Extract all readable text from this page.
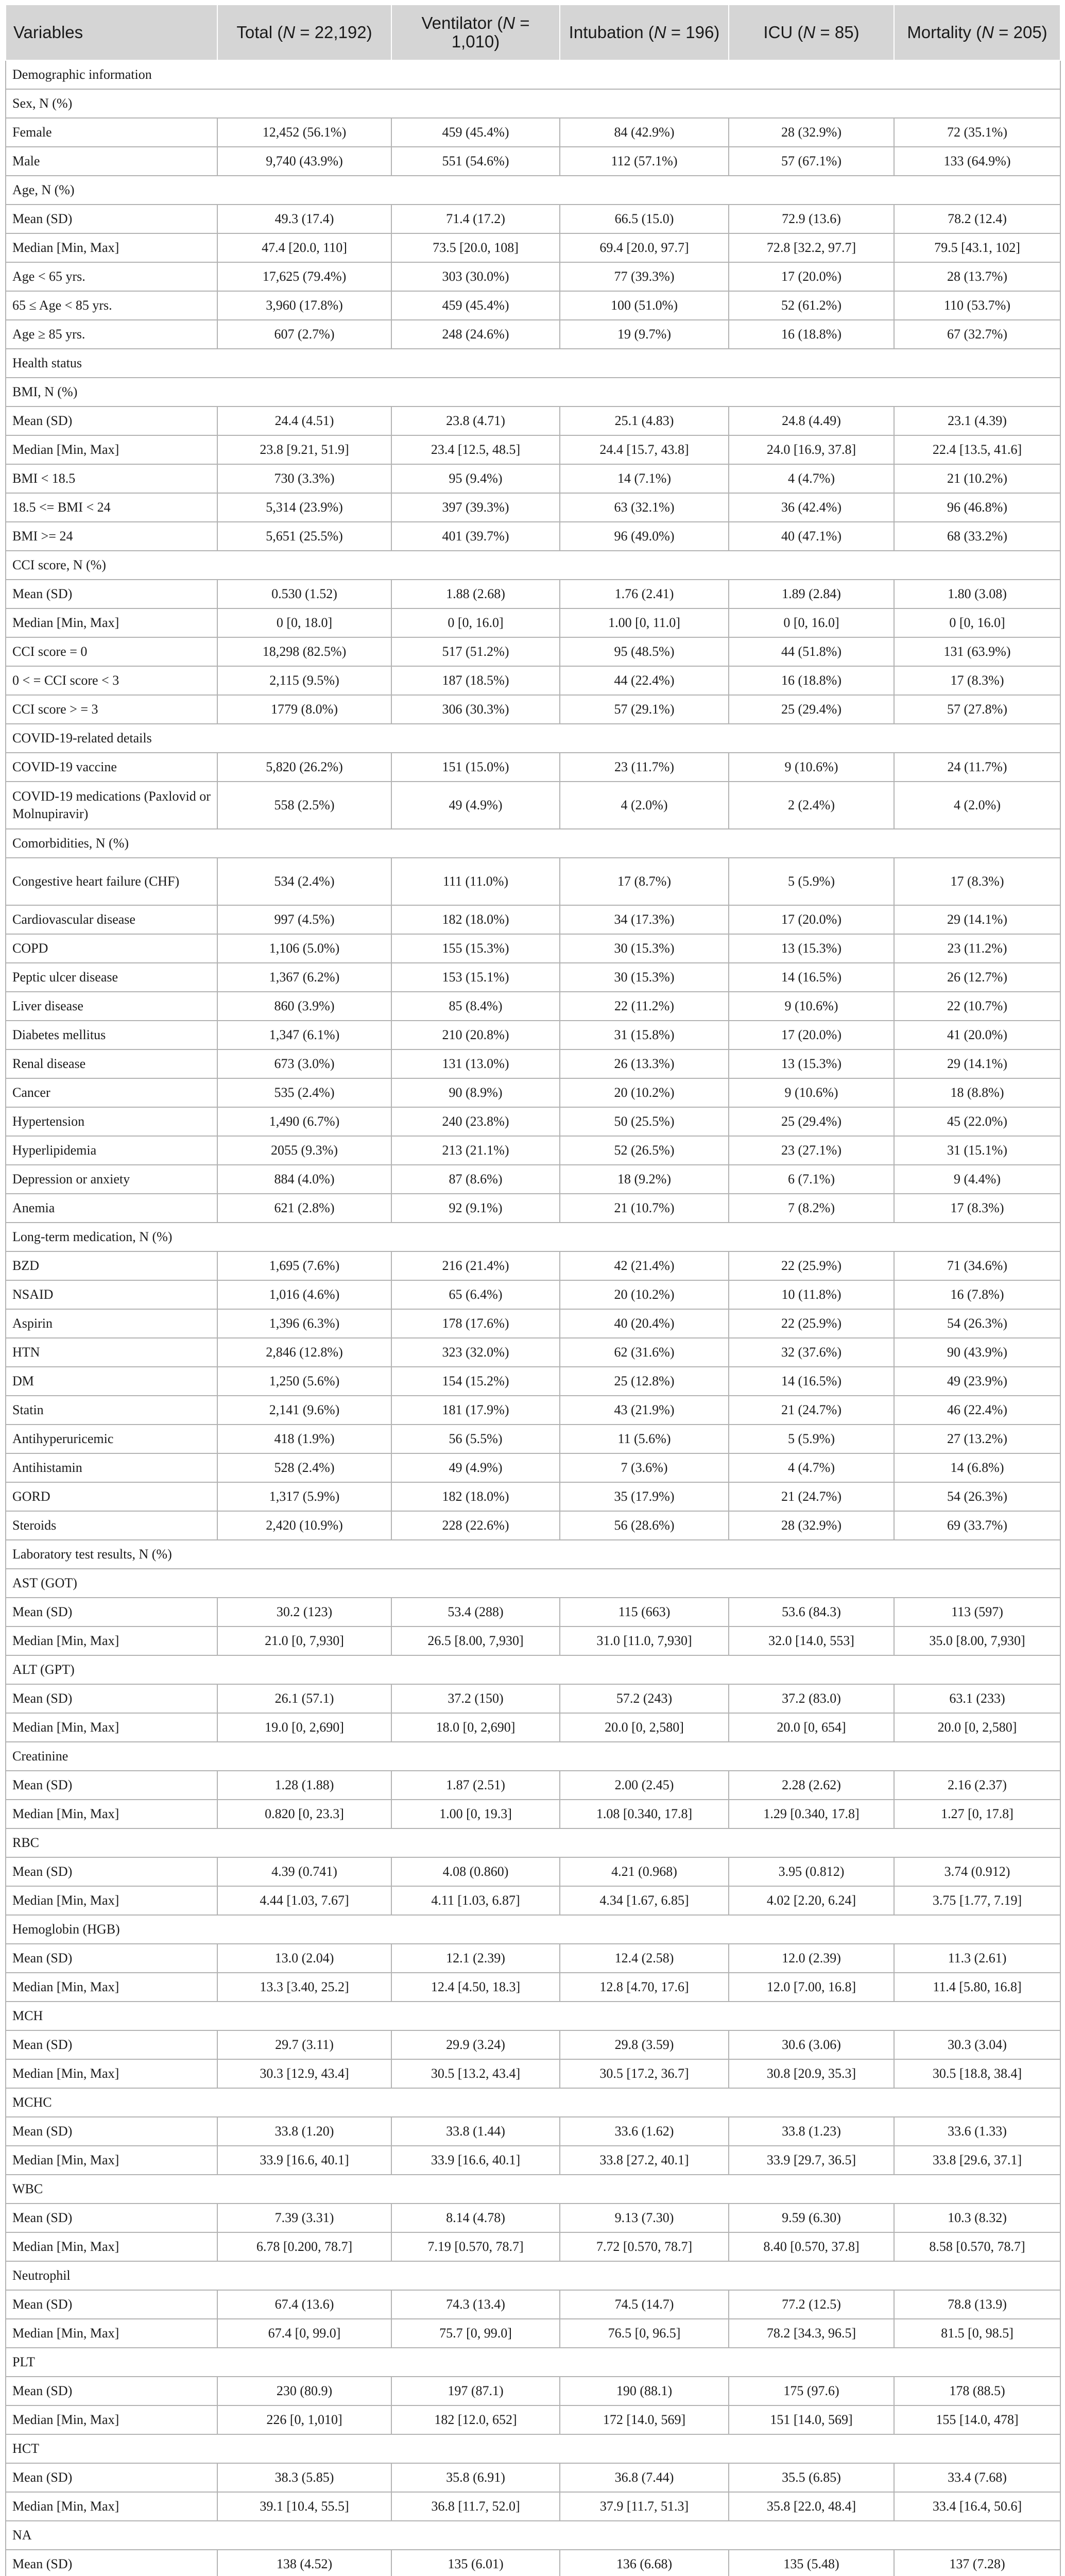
Variables	Total (N = 22,192)	Ventilator (N = 1,010)	Intubation (N = 196)	ICU (N = 85)	Mortality (N = 205)
Demographic information					
Sex, N (%)					
Female	12,452 (56.1%)	459 (45.4%)	84 (42.9%)	28 (32.9%)	72 (35.1%)
Male	9,740 (43.9%)	551 (54.6%)	112 (57.1%)	57 (67.1%)	133 (64.9%)
Age, N (%)					
Mean (SD)	49.3 (17.4)	71.4 (17.2)	66.5 (15.0)	72.9 (13.6)	78.2 (12.4)
Median [Min, Max]	47.4 [20.0, 110]	73.5 [20.0, 108]	69.4 [20.0, 97.7]	72.8 [32.2, 97.7]	79.5 [43.1, 102]
Age < 65 yrs.	17,625 (79.4%)	303 (30.0%)	77 (39.3%)	17 (20.0%)	28 (13.7%)
65 ≤ Age < 85 yrs.	3,960 (17.8%)	459 (45.4%)	100 (51.0%)	52 (61.2%)	110 (53.7%)
Age ≥ 85 yrs.	607 (2.7%)	248 (24.6%)	19 (9.7%)	16 (18.8%)	67 (32.7%)
Health status					
BMI, N (%)					
Mean (SD)	24.4 (4.51)	23.8 (4.71)	25.1 (4.83)	24.8 (4.49)	23.1 (4.39)
Median [Min, Max]	23.8 [9.21, 51.9]	23.4 [12.5, 48.5]	24.4 [15.7, 43.8]	24.0 [16.9, 37.8]	22.4 [13.5, 41.6]
BMI < 18.5	730 (3.3%)	95 (9.4%)	14 (7.1%)	4 (4.7%)	21 (10.2%)
18.5 <= BMI < 24	5,314 (23.9%)	397 (39.3%)	63 (32.1%)	36 (42.4%)	96 (46.8%)
BMI >= 24	5,651 (25.5%)	401 (39.7%)	96 (49.0%)	40 (47.1%)	68 (33.2%)
CCI score, N (%)					
Mean (SD)	0.530 (1.52)	1.88 (2.68)	1.76 (2.41)	1.89 (2.84)	1.80 (3.08)
Median [Min, Max]	0 [0, 18.0]	0 [0, 16.0]	1.00 [0, 11.0]	0 [0, 16.0]	0 [0, 16.0]
CCI score = 0	18,298 (82.5%)	517 (51.2%)	95 (48.5%)	44 (51.8%)	131 (63.9%)
0 < = CCI score < 3	2,115 (9.5%)	187 (18.5%)	44 (22.4%)	16 (18.8%)	17 (8.3%)
CCI score > = 3	1779 (8.0%)	306 (30.3%)	57 (29.1%)	25 (29.4%)	57 (27.8%)
COVID-19-related details					
COVID-19 vaccine	5,820 (26.2%)	151 (15.0%)	23 (11.7%)	9 (10.6%)	24 (11.7%)
COVID-19 medications (Paxlovid or Molnupiravir)	558 (2.5%)	49 (4.9%)	4 (2.0%)	2 (2.4%)	4 (2.0%)
Comorbidities, N (%)					
Congestive heart failure (CHF)	534 (2.4%)	111 (11.0%)	17 (8.7%)	5 (5.9%)	17 (8.3%)
Cardiovascular disease	997 (4.5%)	182 (18.0%)	34 (17.3%)	17 (20.0%)	29 (14.1%)
COPD	1,106 (5.0%)	155 (15.3%)	30 (15.3%)	13 (15.3%)	23 (11.2%)
Peptic ulcer disease	1,367 (6.2%)	153 (15.1%)	30 (15.3%)	14 (16.5%)	26 (12.7%)
Liver disease	860 (3.9%)	85 (8.4%)	22 (11.2%)	9 (10.6%)	22 (10.7%)
Diabetes mellitus	1,347 (6.1%)	210 (20.8%)	31 (15.8%)	17 (20.0%)	41 (20.0%)
Renal disease	673 (3.0%)	131 (13.0%)	26 (13.3%)	13 (15.3%)	29 (14.1%)
Cancer	535 (2.4%)	90 (8.9%)	20 (10.2%)	9 (10.6%)	18 (8.8%)
Hypertension	1,490 (6.7%)	240 (23.8%)	50 (25.5%)	25 (29.4%)	45 (22.0%)
Hyperlipidemia	2055 (9.3%)	213 (21.1%)	52 (26.5%)	23 (27.1%)	31 (15.1%)
Depression or anxiety	884 (4.0%)	87 (8.6%)	18 (9.2%)	6 (7.1%)	9 (4.4%)
Anemia	621 (2.8%)	92 (9.1%)	21 (10.7%)	7 (8.2%)	17 (8.3%)
Long-term medication, N (%)					
BZD	1,695 (7.6%)	216 (21.4%)	42 (21.4%)	22 (25.9%)	71 (34.6%)
NSAID	1,016 (4.6%)	65 (6.4%)	20 (10.2%)	10 (11.8%)	16 (7.8%)
Aspirin	1,396 (6.3%)	178 (17.6%)	40 (20.4%)	22 (25.9%)	54 (26.3%)
HTN	2,846 (12.8%)	323 (32.0%)	62 (31.6%)	32 (37.6%)	90 (43.9%)
DM	1,250 (5.6%)	154 (15.2%)	25 (12.8%)	14 (16.5%)	49 (23.9%)
Statin	2,141 (9.6%)	181 (17.9%)	43 (21.9%)	21 (24.7%)	46 (22.4%)
Antihyperuricemic	418 (1.9%)	56 (5.5%)	11 (5.6%)	5 (5.9%)	27 (13.2%)
Antihistamin	528 (2.4%)	49 (4.9%)	7 (3.6%)	4 (4.7%)	14 (6.8%)
GORD	1,317 (5.9%)	182 (18.0%)	35 (17.9%)	21 (24.7%)	54 (26.3%)
Steroids	2,420 (10.9%)	228 (22.6%)	56 (28.6%)	28 (32.9%)	69 (33.7%)
Laboratory test results, N (%)					
AST (GOT)					
Mean (SD)	30.2 (123)	53.4 (288)	115 (663)	53.6 (84.3)	113 (597)
Median [Min, Max]	21.0 [0, 7,930]	26.5 [8.00, 7,930]	31.0 [11.0, 7,930]	32.0 [14.0, 553]	35.0 [8.00, 7,930]
ALT (GPT)					
Mean (SD)	26.1 (57.1)	37.2 (150)	57.2 (243)	37.2 (83.0)	63.1 (233)
Median [Min, Max]	19.0 [0, 2,690]	18.0 [0, 2,690]	20.0 [0, 2,580]	20.0 [0, 654]	20.0 [0, 2,580]
Creatinine					
Mean (SD)	1.28 (1.88)	1.87 (2.51)	2.00 (2.45)	2.28 (2.62)	2.16 (2.37)
Median [Min, Max]	0.820 [0, 23.3]	1.00 [0, 19.3]	1.08 [0.340, 17.8]	1.29 [0.340, 17.8]	1.27 [0, 17.8]
RBC					
Mean (SD)	4.39 (0.741)	4.08 (0.860)	4.21 (0.968)	3.95 (0.812)	3.74 (0.912)
Median [Min, Max]	4.44 [1.03, 7.67]	4.11 [1.03, 6.87]	4.34 [1.67, 6.85]	4.02 [2.20, 6.24]	3.75 [1.77, 7.19]
Hemoglobin (HGB)					
Mean (SD)	13.0 (2.04)	12.1 (2.39)	12.4 (2.58)	12.0 (2.39)	11.3 (2.61)
Median [Min, Max]	13.3 [3.40, 25.2]	12.4 [4.50, 18.3]	12.8 [4.70, 17.6]	12.0 [7.00, 16.8]	11.4 [5.80, 16.8]
MCH					
Mean (SD)	29.7 (3.11)	29.9 (3.24)	29.8 (3.59)	30.6 (3.06)	30.3 (3.04)
Median [Min, Max]	30.3 [12.9, 43.4]	30.5 [13.2, 43.4]	30.5 [17.2, 36.7]	30.8 [20.9, 35.3]	30.5 [18.8, 38.4]
MCHC					
Mean (SD)	33.8 (1.20)	33.8 (1.44)	33.6 (1.62)	33.8 (1.23)	33.6 (1.33)
Median [Min, Max]	33.9 [16.6, 40.1]	33.9 [16.6, 40.1]	33.8 [27.2, 40.1]	33.9 [29.7, 36.5]	33.8 [29.6, 37.1]
WBC					
Mean (SD)	7.39 (3.31)	8.14 (4.78)	9.13 (7.30)	9.59 (6.30)	10.3 (8.32)
Median [Min, Max]	6.78 [0.200, 78.7]	7.19 [0.570, 78.7]	7.72 [0.570, 78.7]	8.40 [0.570, 37.8]	8.58 [0.570, 78.7]
Neutrophil					
Mean (SD)	67.4 (13.6)	74.3 (13.4)	74.5 (14.7)	77.2 (12.5)	78.8 (13.9)
Median [Min, Max]	67.4 [0, 99.0]	75.7 [0, 99.0]	76.5 [0, 96.5]	78.2 [34.3, 96.5]	81.5 [0, 98.5]
PLT					
Mean (SD)	230 (80.9)	197 (87.1)	190 (88.1)	175 (97.6)	178 (88.5)
Median [Min, Max]	226 [0, 1,010]	182 [12.0, 652]	172 [14.0, 569]	151 [14.0, 569]	155 [14.0, 478]
HCT					
Mean (SD)	38.3 (5.85)	35.8 (6.91)	36.8 (7.44)	35.5 (6.85)	33.4 (7.68)
Median [Min, Max]	39.1 [10.4, 55.5]	36.8 [11.7, 52.0]	37.9 [11.7, 51.3]	35.8 [22.0, 48.4]	33.4 [16.4, 50.6]
NA					
Mean (SD)	138 (4.52)	135 (6.01)	136 (6.68)	135 (5.48)	137 (7.28)
